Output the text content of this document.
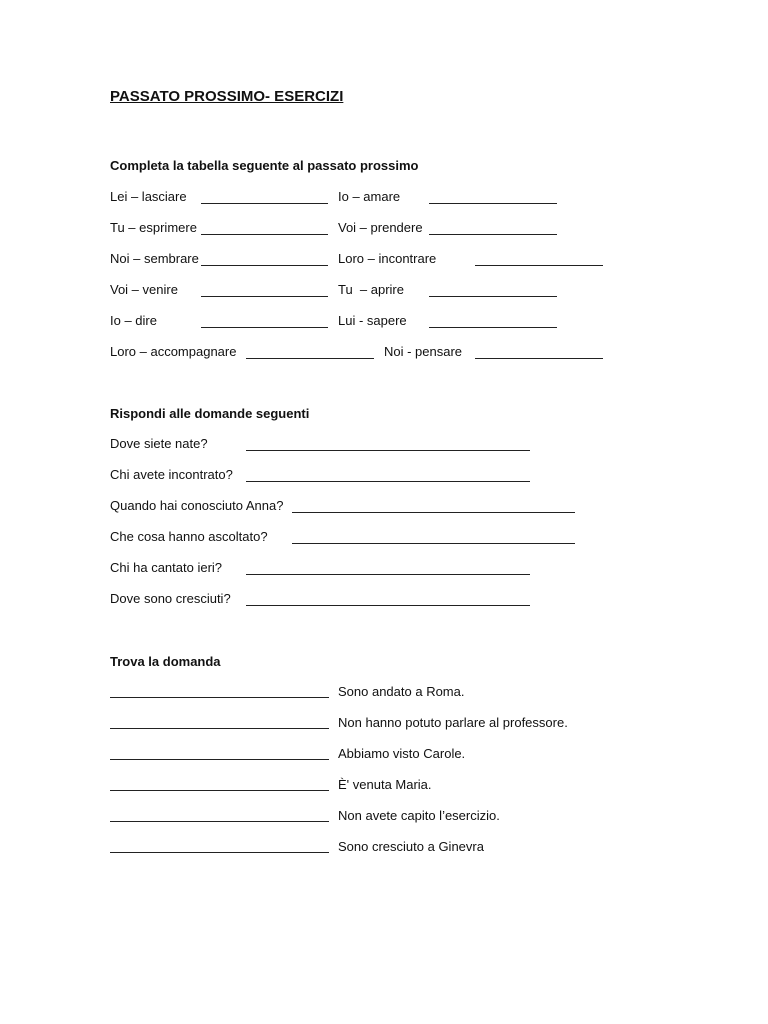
PASSATO PROSSIMO- ESERCIZI
Completa la tabella seguente al passato prossimo
Lei – lasciare	Io – amare
Tu – esprimere	Voi – prendere
Noi – sembrare	Loro – incontrare
Voi – venire	Tu  – aprire
Io – dire	Lui - sapere
Loro – accompagnare	Noi - pensare
Rispondi alle domande seguenti
Dove siete nate?
Chi avete incontrato?
Quando hai conosciuto Anna?
Che cosa hanno ascoltato?
Chi ha cantato ieri?
Dove sono cresciuti?
Trova la domanda
Sono andato a Roma.
Non hanno potuto parlare al professore.
Abbiamo visto Carole.
È' venuta Maria.
Non avete capito l’esercizio.
Sono cresciuto a Ginevra
